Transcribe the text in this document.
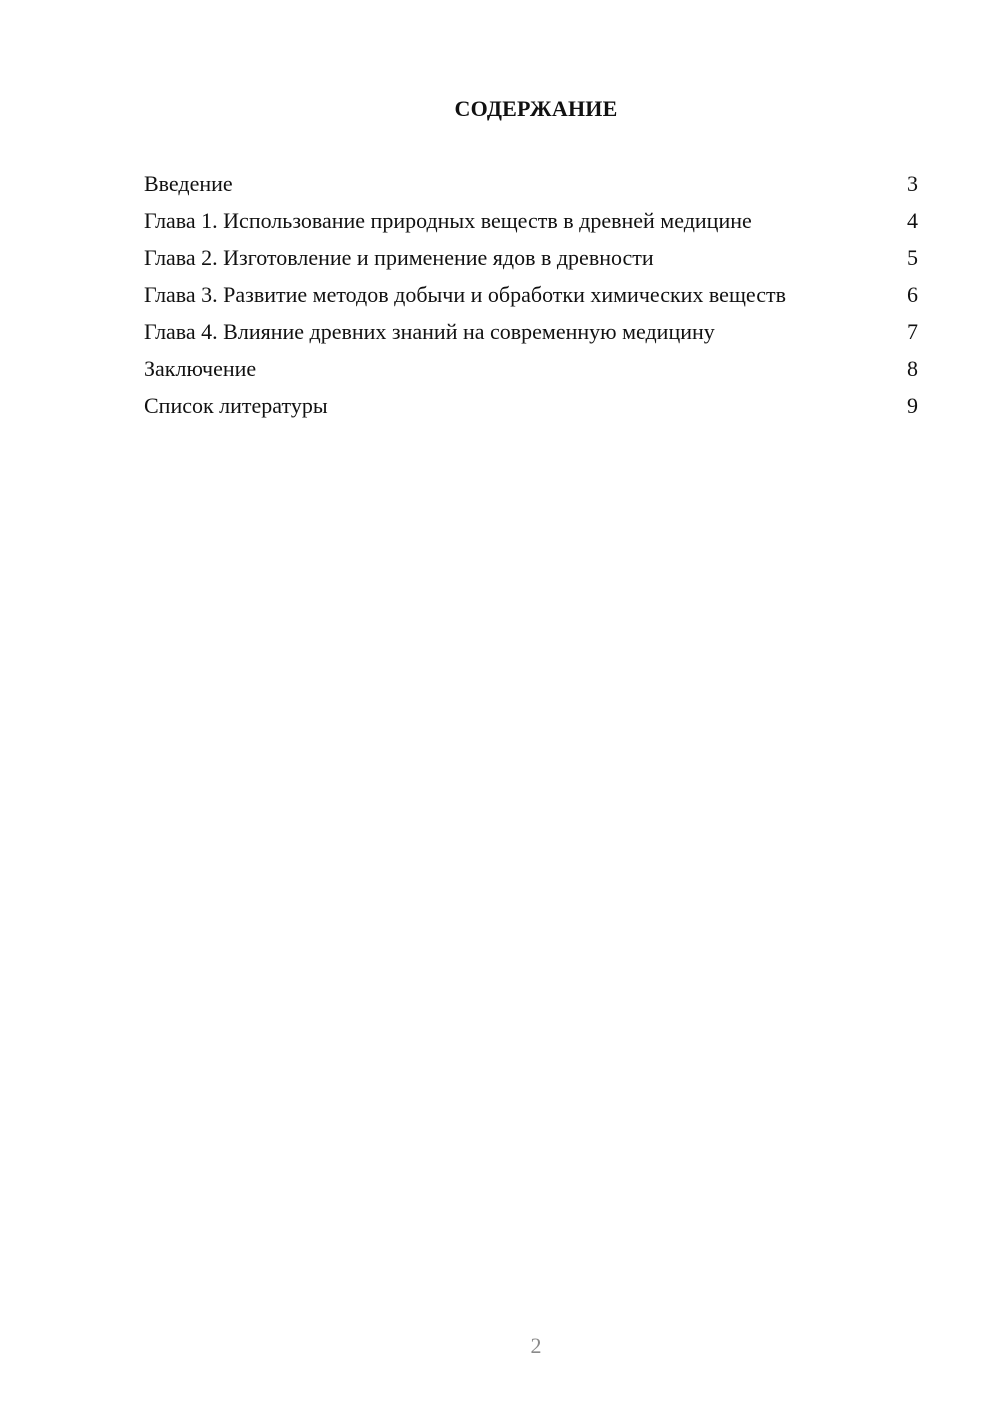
СОДЕРЖАНИЕ
Введение	3
Глава 1. Использование природных веществ в древней медицине	4
Глава 2. Изготовление и применение ядов в древности	5
Глава 3. Развитие методов добычи и обработки химических веществ	6
Глава 4. Влияние древних знаний на современную медицину	7
Заключение	8
Список литературы	9
2
